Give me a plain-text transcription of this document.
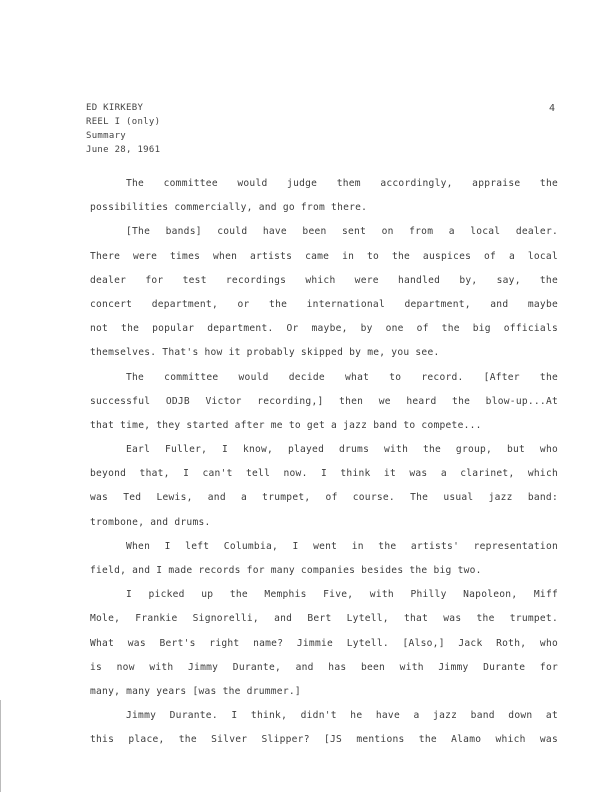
ED KIRKEBY
REEL I (only)
Summary
June 28, 1961
4
The committee would judge them accordingly, appraise the
possibilities commercially, and go from there.
[The bands] could have been sent on from a local dealer.
There were times when artists came in to the auspices of a local
dealer for test recordings which were handled by, say, the
concert department, or the international department, and maybe
not the popular department. Or maybe, by one of the big officials
themselves. That's how it probably skipped by me, you see.
The committee would decide what to record. [After the
successful ODJB Victor recording,] then we heard the blow-up...At
that time, they started after me to get a jazz band to compete...
Earl Fuller, I know, played drums with the group, but who
beyond that, I can't tell now. I think it was a clarinet, which
was Ted Lewis, and a trumpet, of course. The usual jazz band:
trombone, and drums.
When I left Columbia, I went in the artists' representation
field, and I made records for many companies besides the big two.
I picked up the Memphis Five, with Philly Napoleon, Miff
Mole, Frankie Signorelli, and Bert Lytell, that was the trumpet.
What was Bert's right name? Jimmie Lytell. [Also,] Jack Roth, who
is now with Jimmy Durante, and has been with Jimmy Durante for
many, many years [was the drummer.]
Jimmy Durante. I think, didn't he have a jazz band down at
this place, the Silver Slipper? [JS mentions the Alamo which was
